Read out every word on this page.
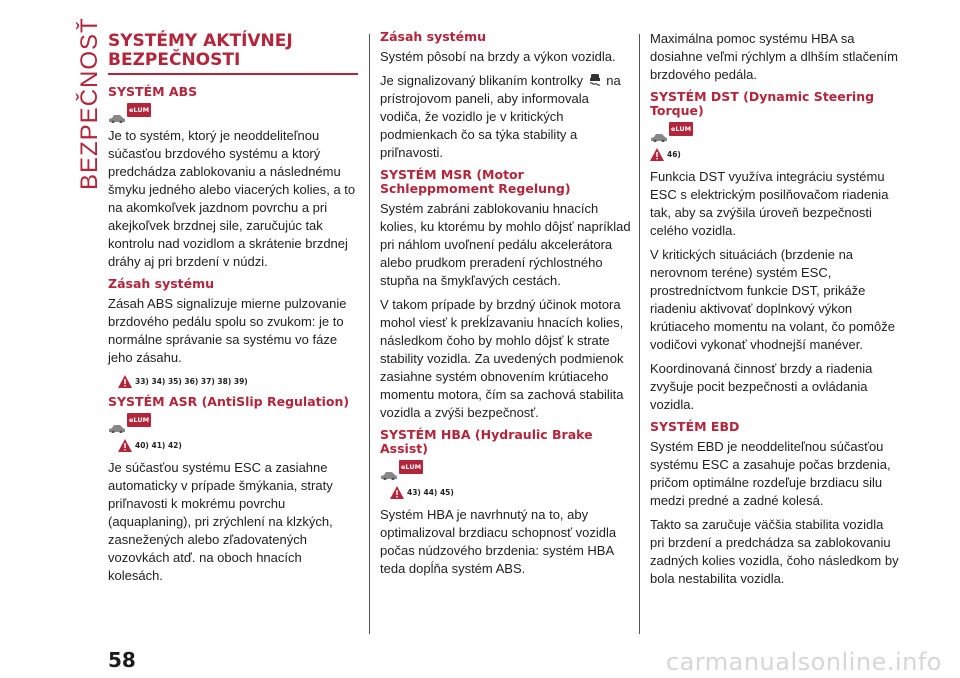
BEZPEČNOSŤ SYSTÉMY AKTÍVNEJ BEZPEČNOSTI
SYSTÉM ABS
eLUM

Je to systém, ktorý je neoddeliteľnou súčasťou brzdového systému a ktorý predchádza zablokovaniu a následnému šmyku jedného alebo viacerých kolies, a to na akomkoľvek jazdnom povrchu a pri akejkoľvek brzdnej sile, zaručujúc tak kontrolu nad vozidlom a skrátenie brzdnej dráhy aj pri brzdení v núdzi.

Zásah systému

Zásah ABS signalizuje mierne pulzovanie brzdového pedálu spolu so zvukom: je to normálne správanie sa systému vo fáze jeho zásahu.

33) 34) 35) 36) 37) 38) 39)
SYSTÉM ASR (AntiSlip Regulation)
eLUM
40) 41) 42)

Je súčasťou systému ESC a zasiahne automaticky v prípade šmýkania, straty priľnavosti k mokrému povrchu (aquaplaning), pri zrýchlení na klzkých, zasnežených alebo zľadovatených vozovkách atď. na oboch hnacích kolesách.

Zásah systému

Systém pôsobí na brzdy a výkon vozidla.

Je signalizovaný blikaním kontrolky na prístrojovom paneli, aby informovala vodiča, že vozidlo je v kritických podmienkach čo sa týka stability a priľnavosti.

SYSTÉM MSR (Motor Schleppmoment Regelung)

Systém zabráni zablokovaniu hnacích kolies, ku ktorému by mohlo dôjsť napríklad pri náhlom uvoľnení pedálu akcelerátora alebo prudkom preradení rýchlostného stupňa na šmykľavých cestách.

V takom prípade by brzdný účinok motora mohol viesť k prekĺzavaniu hnacích kolies, následkom čoho by mohlo dôjsť k strate stability vozidla. Za uvedených podmienok zasiahne systém obnovením krútiaceho momentu motora, čím sa zachová stabilita vozidla a zvýši bezpečnosť.

SYSTÉM HBA (Hydraulic Brake Assist)
eLUM
43) 44) 45)

Systém HBA je navrhnutý na to, aby optimalizoval brzdiacu schopnosť vozidla počas núdzového brzdenia: systém HBA teda dopĺňa systém ABS.

Maximálna pomoc systému HBA sa dosiahne veľmi rýchlym a dlhším stlačením brzdového pedála.

SYSTÉM DST (Dynamic Steering Torque)
eLUM
46)

Funkcia DST využíva integráciu systému ESC s elektrickým posilňovačom riadenia tak, aby sa zvýšila úroveň bezpečnosti celého vozidla.

V kritických situáciách (brzdenie na nerovnom teréne) systém ESC, prostredníctvom funkcie DST, prikáže riadeniu aktivovať doplnkový výkon krútiaceho momentu na volant, čo pomôže vodičovi vykonať vhodnejší manéver.

Koordinovaná činnosť brzdy a riadenia zvyšuje pocit bezpečnosti a ovládania vozidla.

SYSTÉM EBD

Systém EBD je neoddeliteľnou súčasťou systému ESC a zasahuje počas brzdenia, pričom optimálne rozdeľuje brzdiacu silu medzi predné a zadné kolesá.

Takto sa zaručuje väčšia stabilita vozidla pri brzdení a predchádza sa zablokovaniu zadných kolies vozidla, čoho následkom by bola nestabilita vozidla.

58	carmanualsonline.info
